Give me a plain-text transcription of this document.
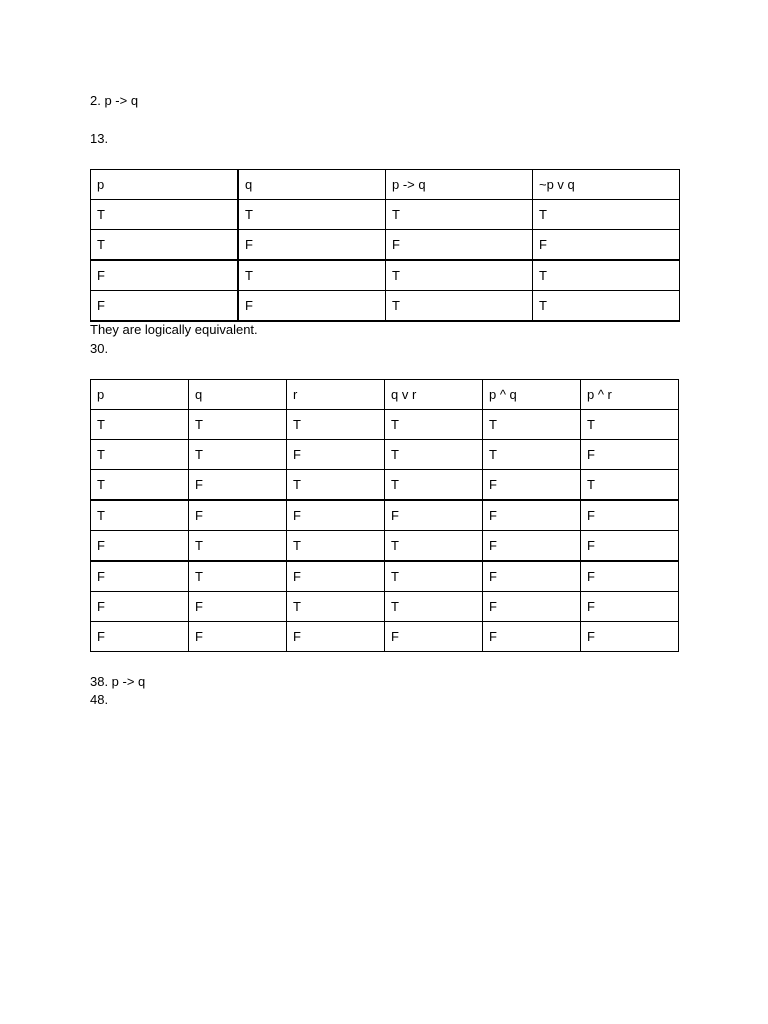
2. p -> q
13.
p	q	p -> q	~p v q
T	T	T	T
T	F	F	F
F	T	T	T
F	F	T	T
They are logically equivalent.
30.
p	q	r	q v r	p ^ q	p ^ r
T	T	T	T	T	T
T	T	F	T	T	F
T	F	T	T	F	T
T	F	F	F	F	F
F	T	T	T	F	F
F	T	F	T	F	F
F	F	T	T	F	F
F	F	F	F	F	F
38. p -> q
48.
